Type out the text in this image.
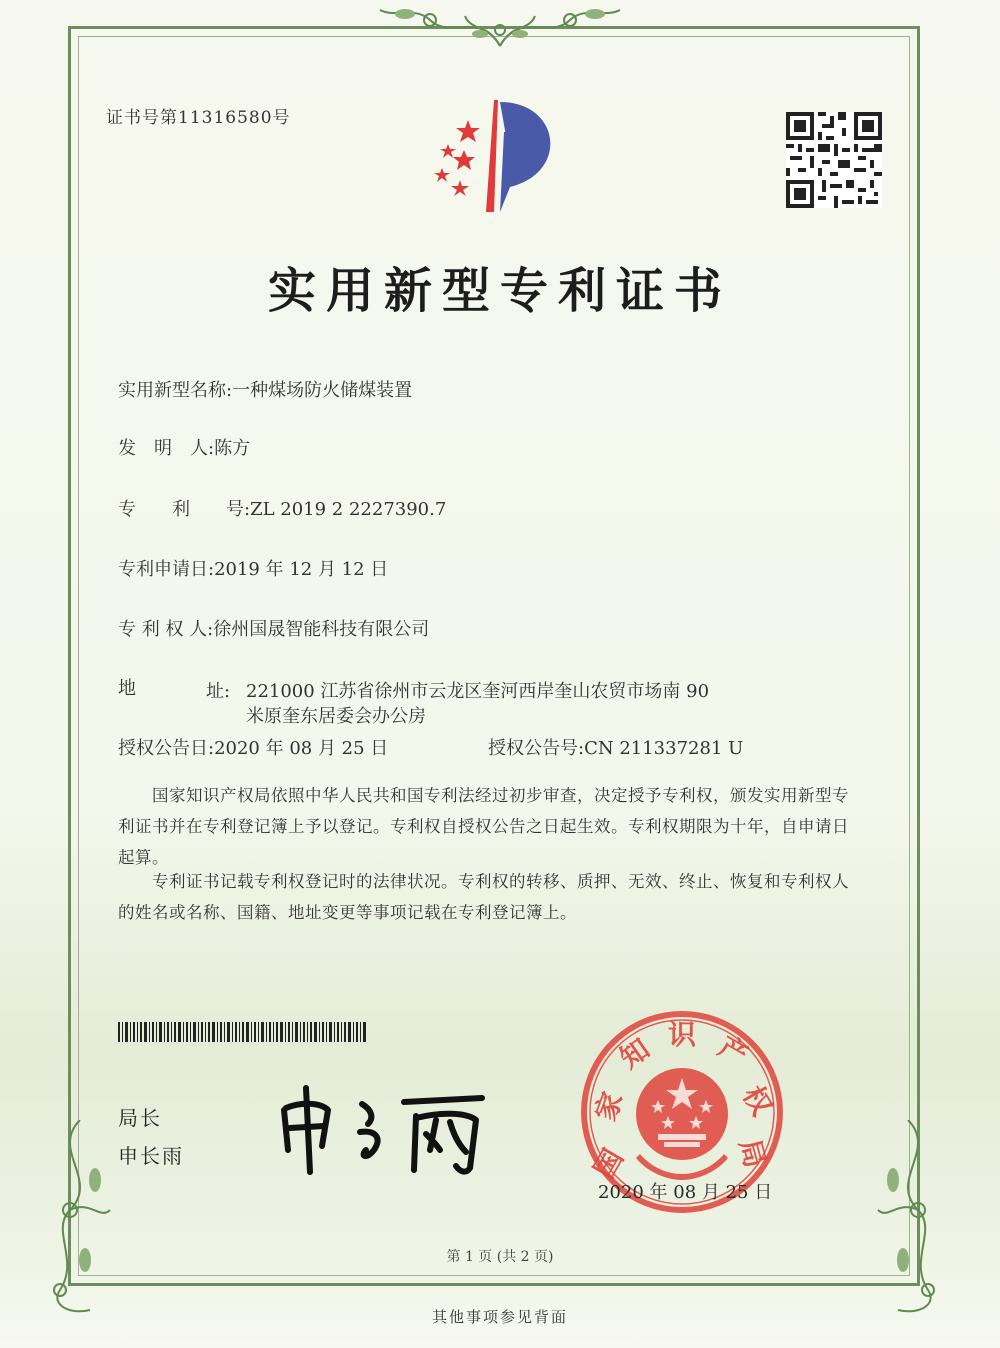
证书号第11316580号
实用新型专利证书
实用新型名称:一种煤场防火储煤装置
发　明　人:陈方
专　　利　　号:ZL 2019 2 2227390.7
专利申请日:2019 年 12 月 12 日
专 利 权 人:徐州国晟智能科技有限公司
地	址: 221000 江苏省徐州市云龙区奎河西岸奎山农贸市场南 90
米原奎东居委会办公房
授权公告日:2020 年 08 月 25 日	授权公告号:CN 211337281 U
　　国家知识产权局依照中华人民共和国专利法经过初步审查，决定授予专利权，颁发实用新型专利证书并在专利登记簿上予以登记。专利权自授权公告之日起生效。专利权期限为十年，自申请日起算。
　　专利证书记载专利权登记时的法律状况。专利权的转移、质押、无效、终止、恢复和专利权人的姓名或名称、国籍、地址变更等事项记载在专利登记簿上。
局长
申长雨	国
家
知 识 产
权
局
2020 年 08 月 25 日
第 1 页 (共 2 页)
其他事项参见背面
